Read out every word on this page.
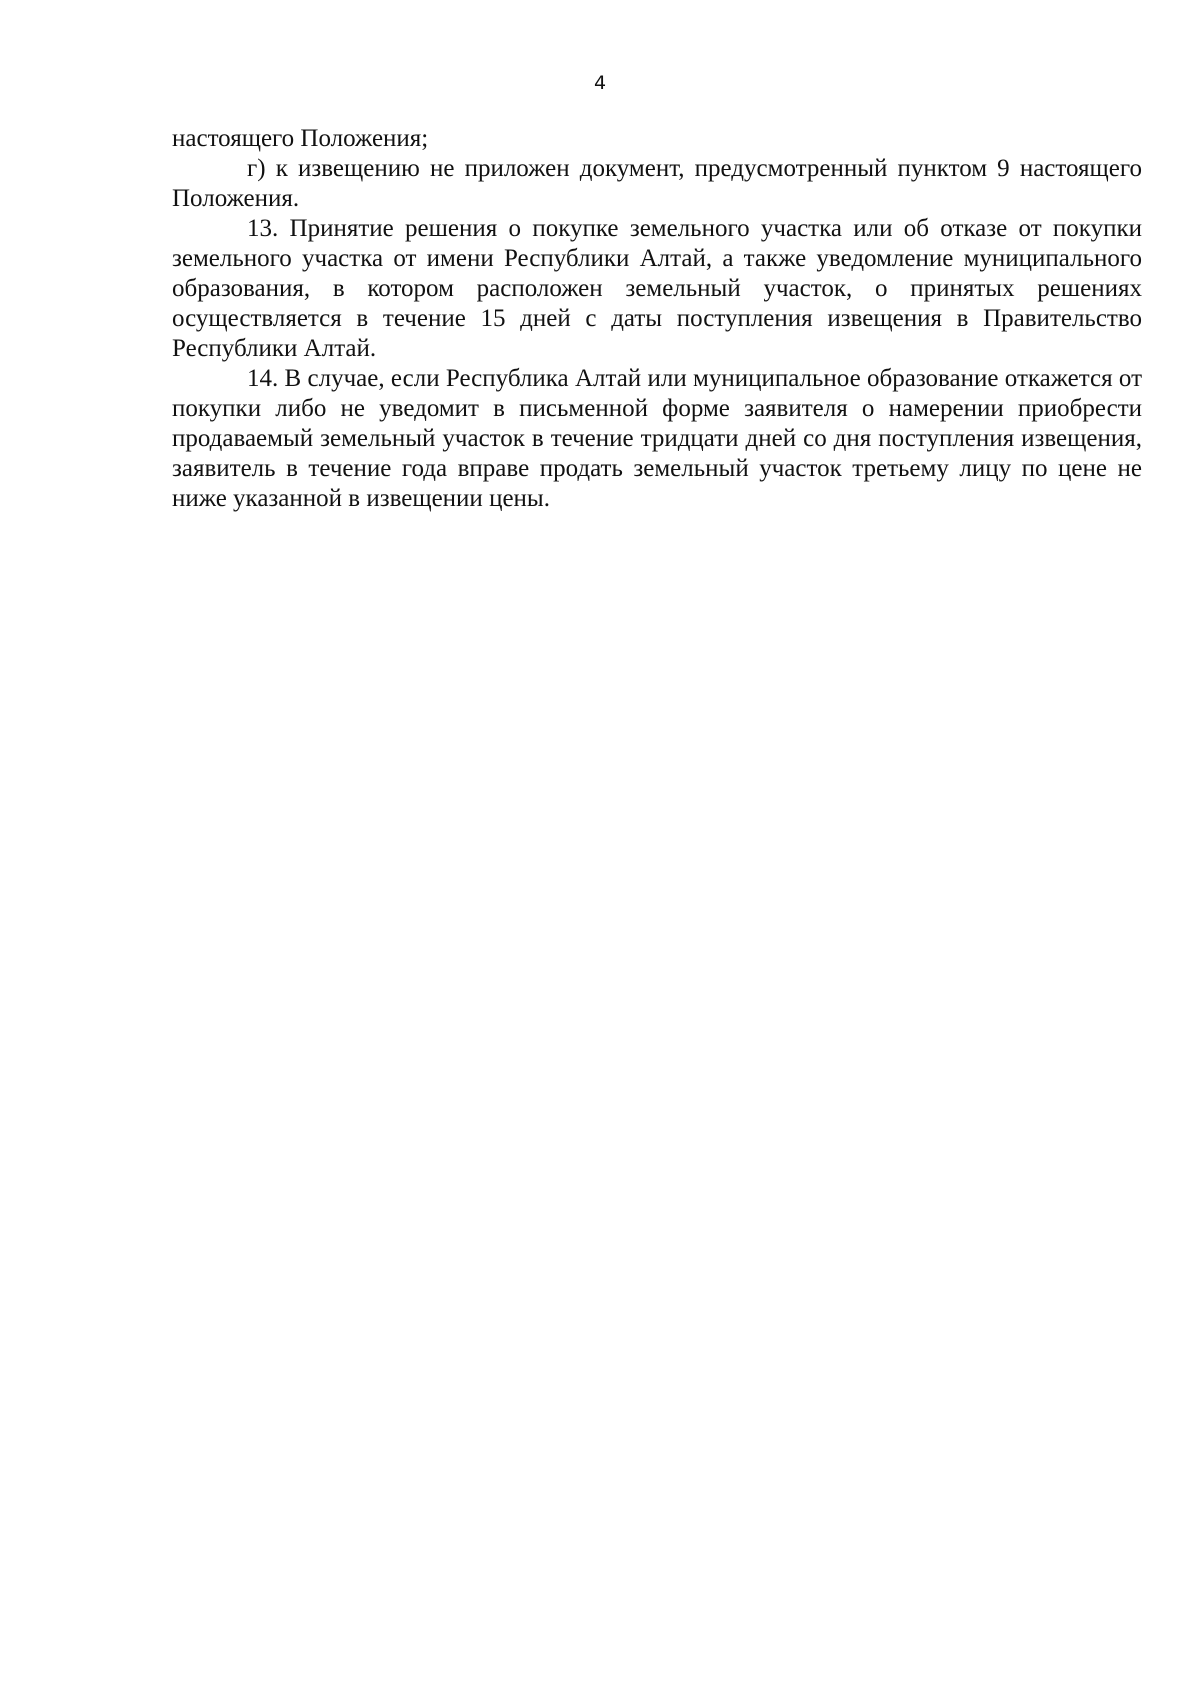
4

настоящего Положения;

г) к извещению не приложен документ, предусмотренный пунктом 9 настоящего Положения.

13. Принятие решения о покупке земельного участка или об отказе от покупки земельного участка от имени Республики Алтай, а также уведомление муниципального образования, в котором расположен земельный участок, о принятых решениях осуществляется в течение 15 дней с даты поступления извещения в Правительство Республики Алтай.

14. В случае, если Республика Алтай или муниципальное образование откажется от покупки либо не уведомит в письменной форме заявителя о намерении приобрести продаваемый земельный участок в течение тридцати дней со дня поступления извещения, заявитель в течение года вправе продать земельный участок третьему лицу по цене не ниже указанной в извещении цены.
